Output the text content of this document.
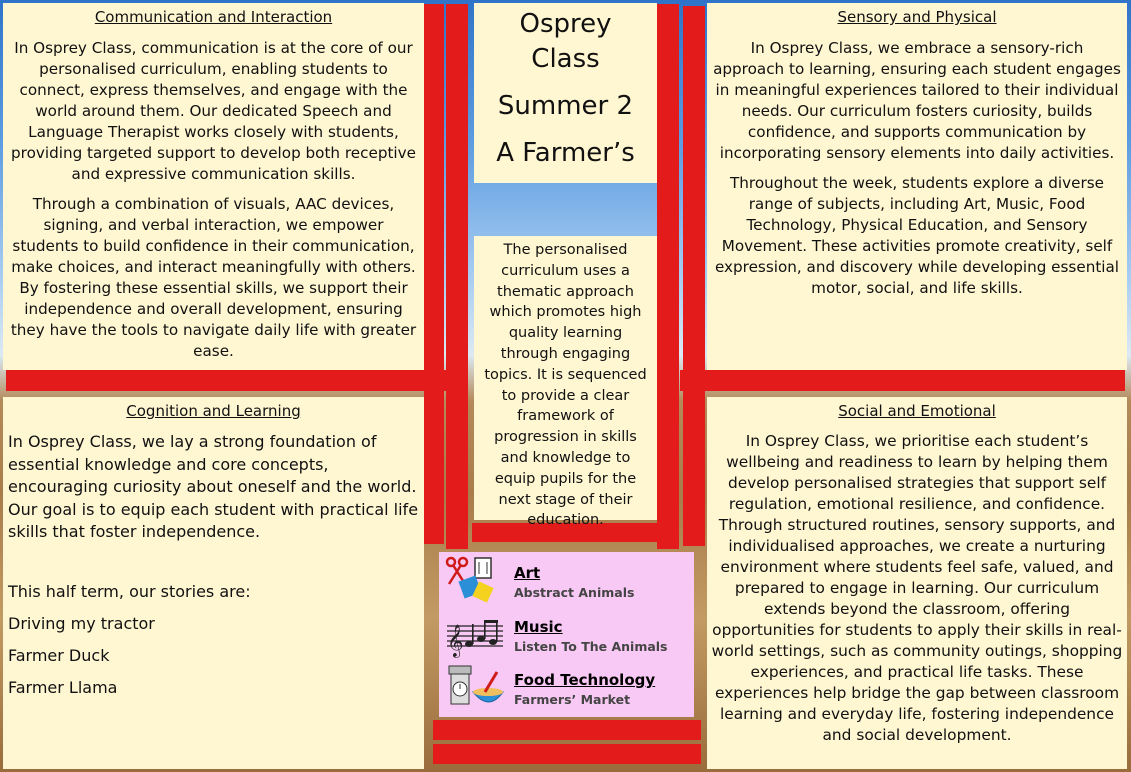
Communication and Interaction

In Osprey Class, communication is at the core of our personalised curriculum, enabling students to connect, express themselves, and engage with the world around them. Our dedicated Speech and Language Therapist works closely with students, providing targeted support to develop both receptive and expressive communication skills.

Through a combination of visuals, AAC devices, signing, and verbal interaction, we empower students to build confidence in their communication, make choices, and interact meaningfully with others. By fostering these essential skills, we support their independence and overall development, ensuring they have the tools to navigate daily life with greater ease.

Osprey
Class
Summer 2
A Farmer’s

The personalised curriculum uses a thematic approach which promotes high quality learning through engaging topics. It is sequenced to provide a clear framework of progression in skills and knowledge to equip pupils for the next stage of their education.

Sensory and Physical

In Osprey Class, we embrace a sensory-rich approach to learning, ensuring each student engages in meaningful experiences tailored to their individual needs. Our curriculum fosters curiosity, builds confidence, and supports communication by incorporating sensory elements into daily activities.

Throughout the week, students explore a diverse range of subjects, including Art, Music, Food Technology, Physical Education, and Sensory Movement. These activities promote creativity, self expression, and discovery while developing essential motor, social, and life skills.

Cognition and Learning

In Osprey Class, we lay a strong foundation of essential knowledge and core concepts, encouraging curiosity about oneself and the world. Our goal is to equip each student with practical life skills that foster independence.

This half term, our stories are:

Driving my tractor

Farmer Duck

Farmer Llama

Art
Abstract Animals
𝄞	Music
Listen To The Animals
Food Technology
Farmers’ Market
Social and Emotional

In Osprey Class, we prioritise each student’s wellbeing and readiness to learn by helping them develop personalised strategies that support self regulation, emotional resilience, and confidence. Through structured routines, sensory supports, and individualised approaches, we create a nurturing environment where students feel safe, valued, and prepared to engage in learning. Our curriculum extends beyond the classroom, offering opportunities for students to apply their skills in real-world settings, such as community outings, shopping experiences, and practical life tasks. These experiences help bridge the gap between classroom learning and everyday life, fostering independence and social development.
